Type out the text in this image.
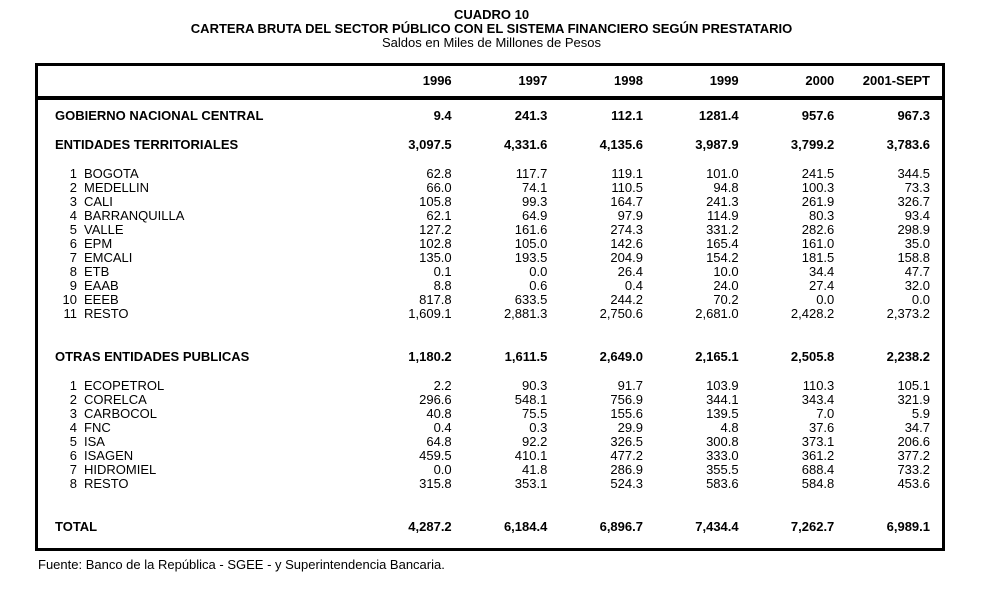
CUADRO 10
CARTERA BRUTA DEL SECTOR PÚBLICO CON EL SISTEMA FINANCIERO SEGÚN PRESTATARIO
Saldos en Miles de Millones de Pesos
	1996	1997	1998	1999	2000	2001-SEPT
GOBIERNO NACIONAL CENTRAL	9.4	241.3	112.1	1281.4	957.6	967.3

ENTIDADES TERRITORIALES	3,097.5	4,331.6	4,135.6	3,987.9	3,799.2	3,783.6

1 BOGOTA	62.8	117.7	119.1	101.0	241.5	344.5
2 MEDELLIN	66.0	74.1	110.5	94.8	100.3	73.3
3 CALI	105.8	99.3	164.7	241.3	261.9	326.7
4 BARRANQUILLA	62.1	64.9	97.9	114.9	80.3	93.4
5 VALLE	127.2	161.6	274.3	331.2	282.6	298.9
6 EPM	102.8	105.0	142.6	165.4	161.0	35.0
7 EMCALI	135.0	193.5	204.9	154.2	181.5	158.8
8 ETB	0.1	0.0	26.4	10.0	34.4	47.7
9 EAAB	8.8	0.6	0.4	24.0	27.4	32.0
10 EEEB	817.8	633.5	244.2	70.2	0.0	0.0
11 RESTO	1,609.1	2,881.3	2,750.6	2,681.0	2,428.2	2,373.2

OTRAS ENTIDADES PUBLICAS	1,180.2	1,611.5	2,649.0	2,165.1	2,505.8	2,238.2

1 ECOPETROL	2.2	90.3	91.7	103.9	110.3	105.1
2 CORELCA	296.6	548.1	756.9	344.1	343.4	321.9
3 CARBOCOL	40.8	75.5	155.6	139.5	7.0	5.9
4 FNC	0.4	0.3	29.9	4.8	37.6	34.7
5 ISA	64.8	92.2	326.5	300.8	373.1	206.6
6 ISAGEN	459.5	410.1	477.2	333.0	361.2	377.2
7 HIDROMIEL	0.0	41.8	286.9	355.5	688.4	733.2
8 RESTO	315.8	353.1	524.3	583.6	584.8	453.6

TOTAL	4,287.2	6,184.4	6,896.7	7,434.4	7,262.7	6,989.1
Fuente: Banco de la República - SGEE - y Superintendencia Bancaria.
